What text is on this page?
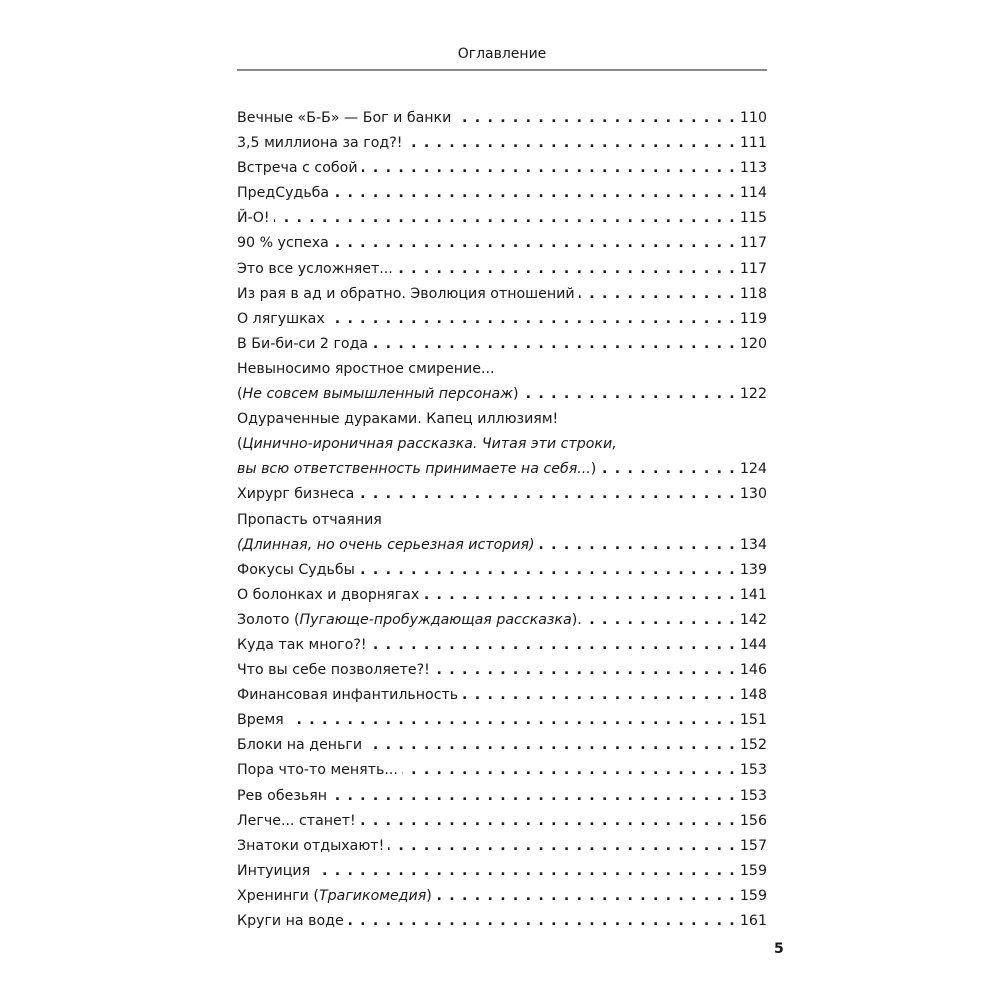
Оглавление
Вечные «Б-Б» — Бог и банки . . .	110
3,5 миллиона за год?! . . .	111
Встреча с собой . . .	113
ПредСудьба . . .	114
Й-О! . . .	115
90 % успеха . . .	117
Это все усложняет... . . .	117
Из рая в ад и обратно. Эволюция отношений . . .	118
О лягушках . . .	119
В Би-би-си 2 года . . .	120
Невыносимо яростное смирение...
(Не совсем вымышленный персонаж) . . .	122
Одураченные дураками. Капец иллюзиям!
(Цинично-ироничная рассказка. Читая эти строки,
вы всю ответственность принимаете на себя...) . . .	124
Хирург бизнеса . . .	130
Пропасть отчаяния
(Длинная, но очень серьезная история) . . .	134
Фокусы Судьбы . . .	139
О болонках и дворнягах . . .	141
Золото (Пугающе-пробуждающая рассказка). . . .	142
Куда так много?! . . .	144
Что вы себе позволяете?! . . .	146
Финансовая инфантильность . . .	148
Время . . .	151
Блоки на деньги . . .	152
Пора что-то менять... . . .	153
Рев обезьян . . .	153
Легче... станет! . . .	156
Знатоки отдыхают! . . .	157
Интуиция . . .	159
Хренинги (Трагикомедия) . . .	159
Круги на воде . . .	161
5
